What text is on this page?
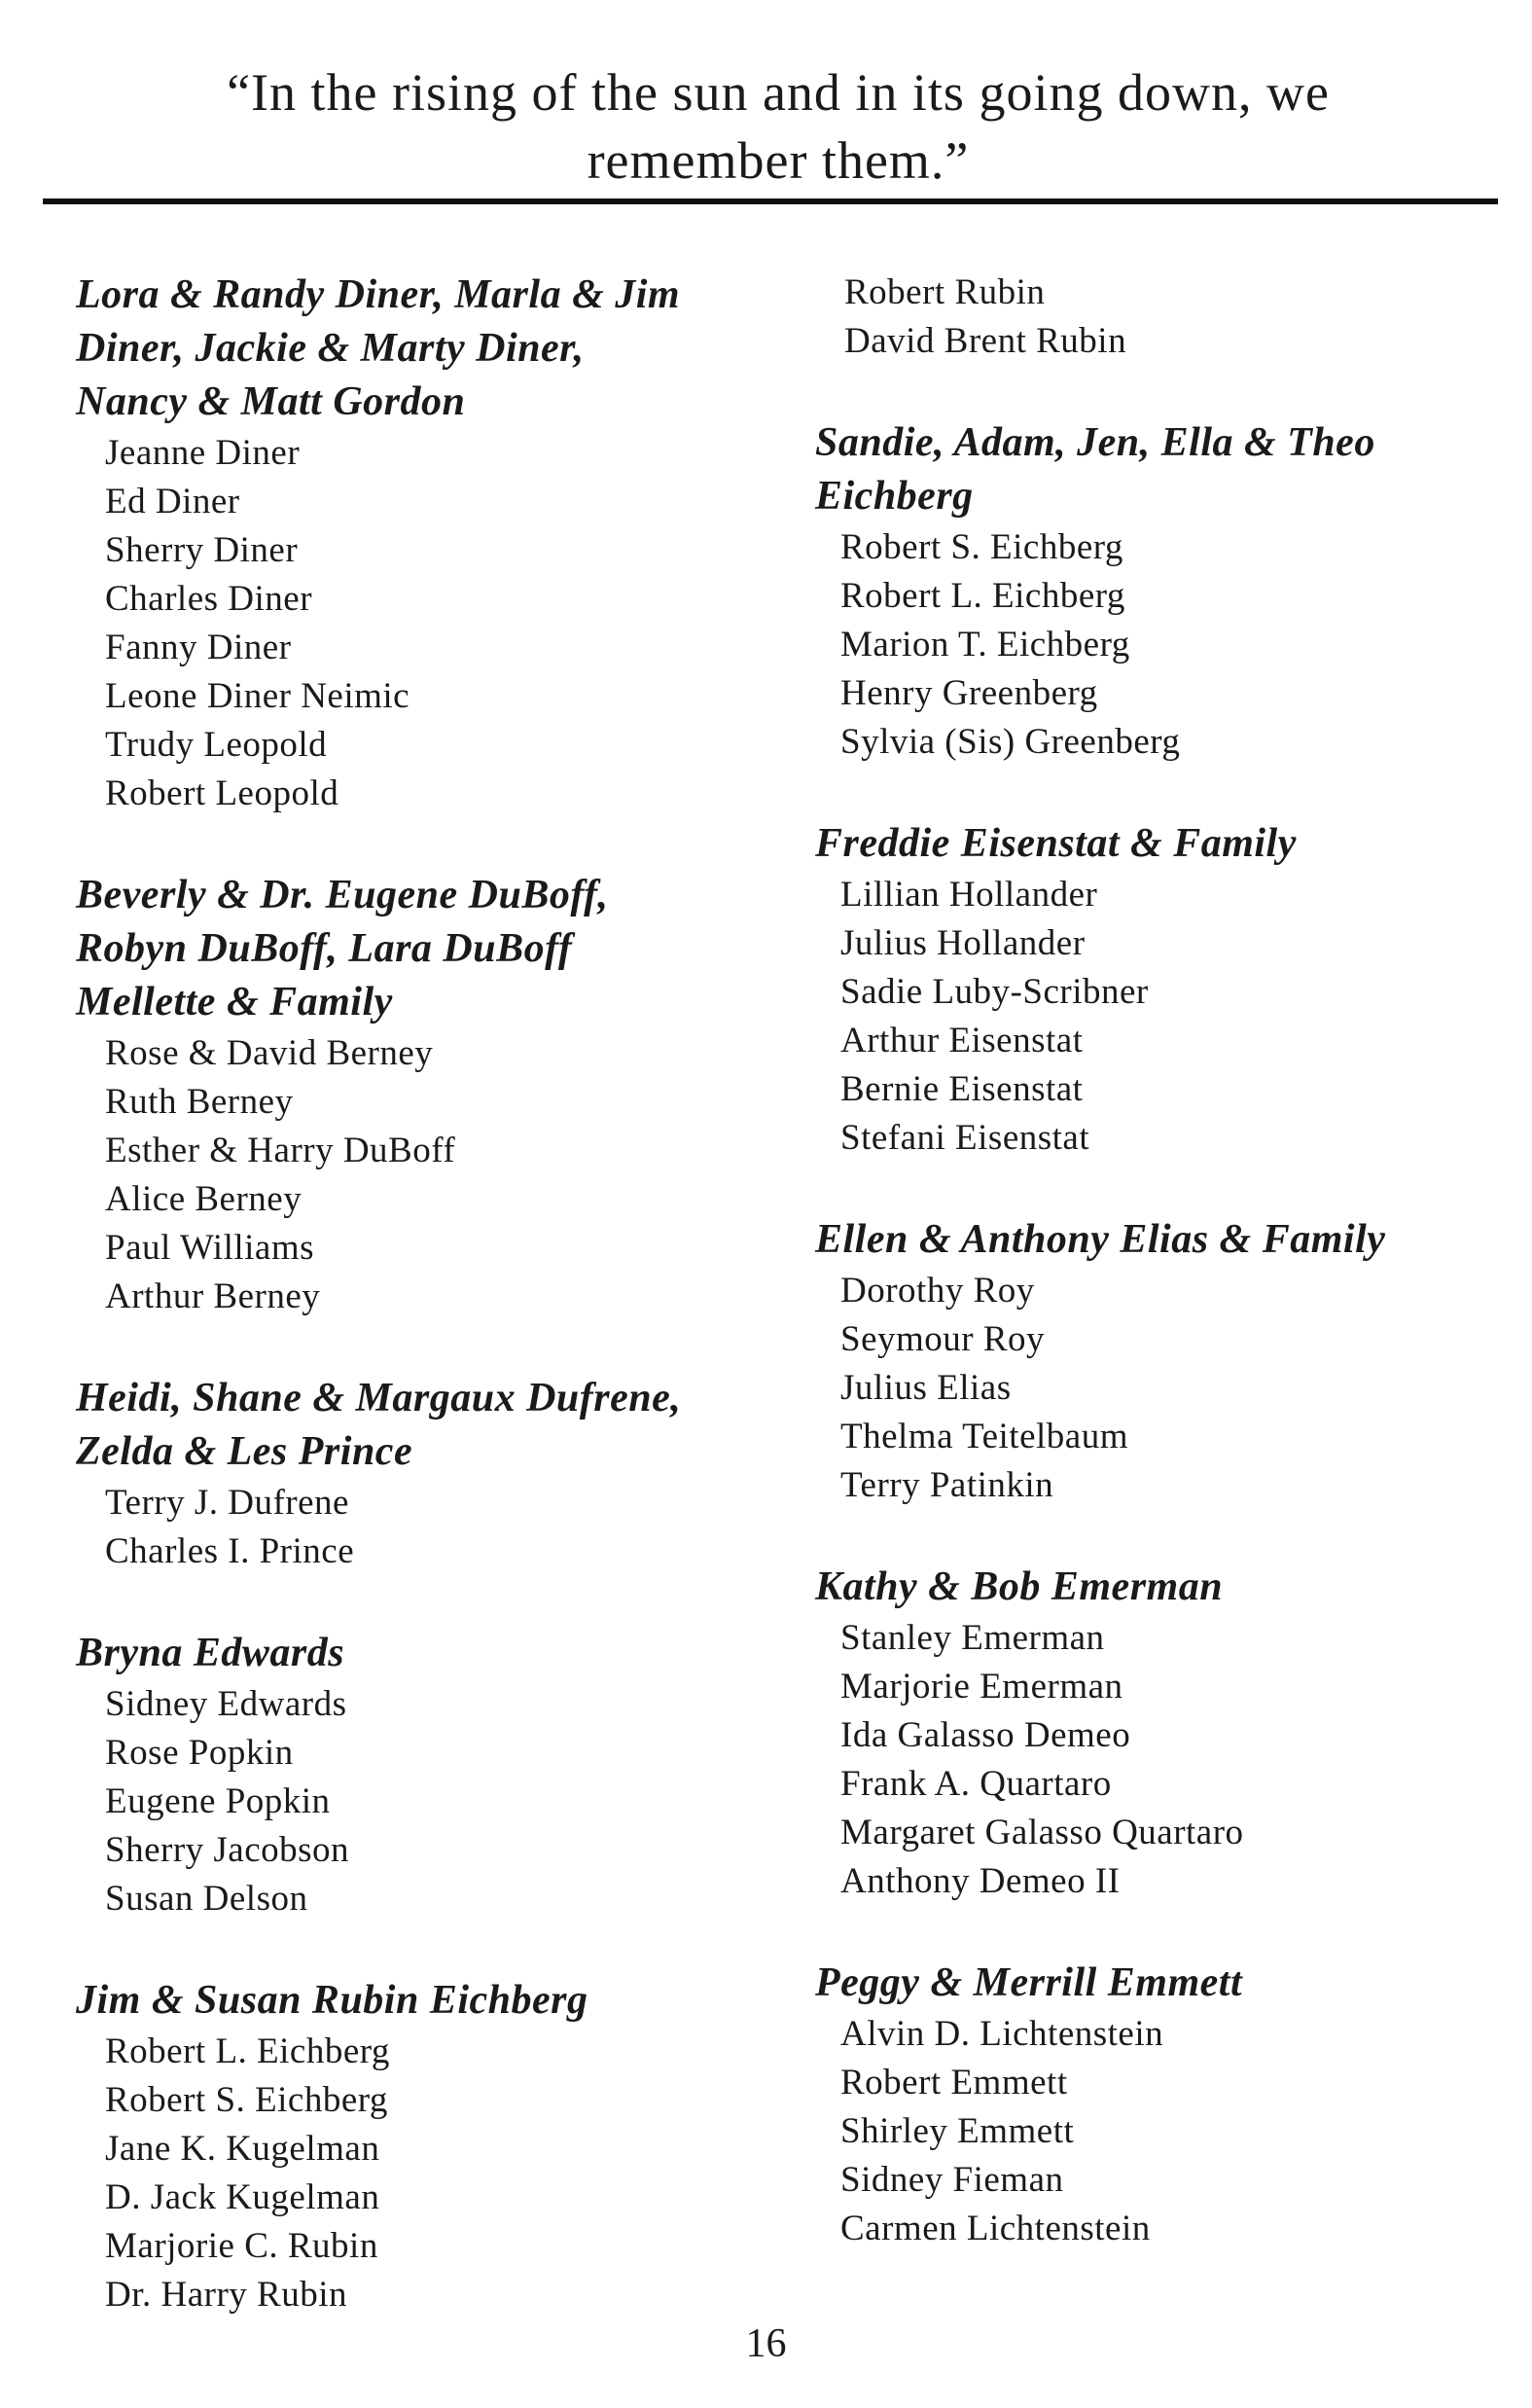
“In the rising of the sun and in its going down, we
remember them.”
Lora & Randy Diner, Marla & Jim
Diner, Jackie & Marty Diner,
Nancy & Matt Gordon
Jeanne Diner
Ed Diner
Sherry Diner
Charles Diner
Fanny Diner
Leone Diner Neimic
Trudy Leopold
Robert Leopold
Beverly & Dr. Eugene DuBoff,
Robyn DuBoff, Lara DuBoff
Mellette & Family
Rose & David Berney
Ruth Berney
Esther & Harry DuBoff
Alice Berney
Paul Williams
Arthur Berney
Heidi, Shane & Margaux Dufrene,
Zelda & Les Prince
Terry J. Dufrene
Charles I. Prince
Bryna Edwards
Sidney Edwards
Rose Popkin
Eugene Popkin
Sherry Jacobson
Susan Delson
Jim & Susan Rubin Eichberg
Robert L. Eichberg
Robert S. Eichberg
Jane K. Kugelman
D. Jack Kugelman
Marjorie C. Rubin
Dr. Harry Rubin
Robert Rubin
David Brent Rubin
Sandie, Adam, Jen, Ella & Theo
Eichberg
Robert S. Eichberg
Robert L. Eichberg
Marion T. Eichberg
Henry Greenberg
Sylvia (Sis) Greenberg
Freddie Eisenstat & Family
Lillian Hollander
Julius Hollander
Sadie Luby-Scribner
Arthur Eisenstat
Bernie Eisenstat
Stefani Eisenstat
Ellen & Anthony Elias & Family
Dorothy Roy
Seymour Roy
Julius Elias
Thelma Teitelbaum
Terry Patinkin
Kathy & Bob Emerman
Stanley Emerman
Marjorie Emerman
Ida Galasso Demeo
Frank A. Quartaro
Margaret Galasso Quartaro
Anthony Demeo II
Peggy & Merrill Emmett
Alvin D. Lichtenstein
Robert Emmett
Shirley Emmett
Sidney Fieman
Carmen Lichtenstein
16
